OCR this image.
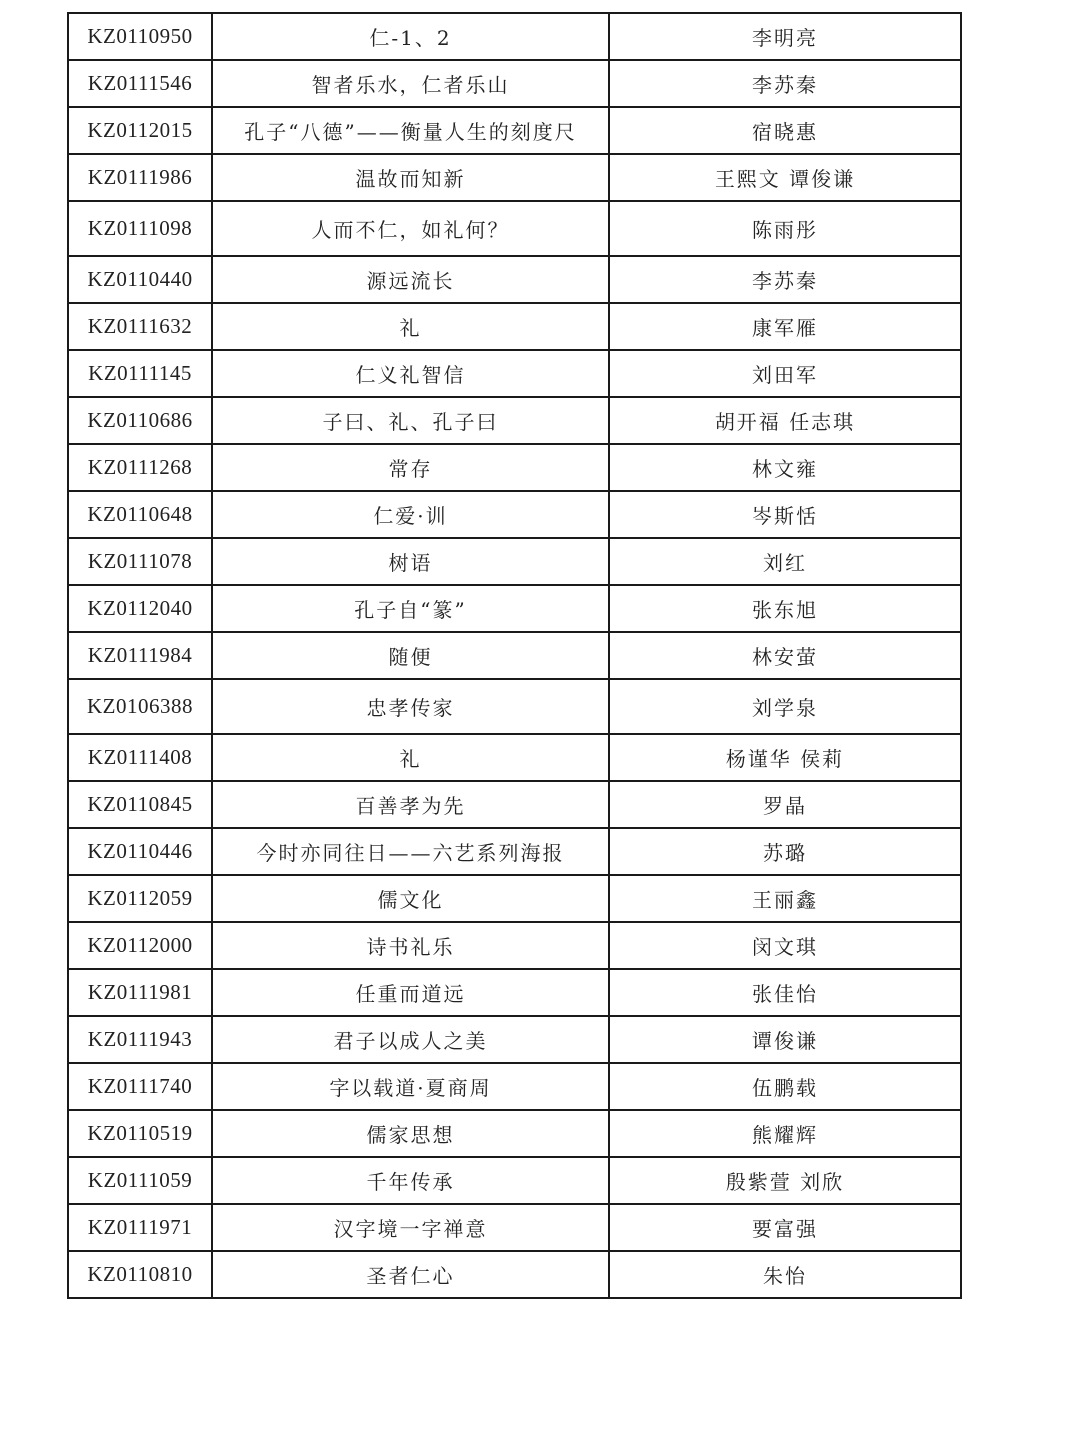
KZ0110950	仁-1、2	李明亮
KZ0111546	智者乐水，仁者乐山	李苏秦
KZ0112015	孔子“八德”——衡量人生的刻度尺	宿晓惠
KZ0111986	温故而知新	王熙文 谭俊谦
KZ0111098	人而不仁，如礼何？	陈雨彤
KZ0110440	源远流长	李苏秦
KZ0111632	礼	康军雁
KZ0111145	仁义礼智信	刘田军
KZ0110686	子曰、礼、孔子曰	胡开福 任志琪
KZ0111268	常存	林文雍
KZ0110648	仁爱·训	岑斯恬
KZ0111078	树语	刘红
KZ0112040	孔子自“篆”	张东旭
KZ0111984	随便	林安萤
KZ0106388	忠孝传家	刘学泉
KZ0111408	礼	杨谨华 侯莉
KZ0110845	百善孝为先	罗晶
KZ0110446	今时亦同往日——六艺系列海报	苏璐
KZ0112059	儒文化	王丽鑫
KZ0112000	诗书礼乐	闵文琪
KZ0111981	任重而道远	张佳怡
KZ0111943	君子以成人之美	谭俊谦
KZ0111740	字以载道·夏商周	伍鹏载
KZ0110519	儒家思想	熊耀辉
KZ0111059	千年传承	殷紫萱 刘欣
KZ0111971	汉字境一字禅意	要富强
KZ0110810	圣者仁心	朱怡
